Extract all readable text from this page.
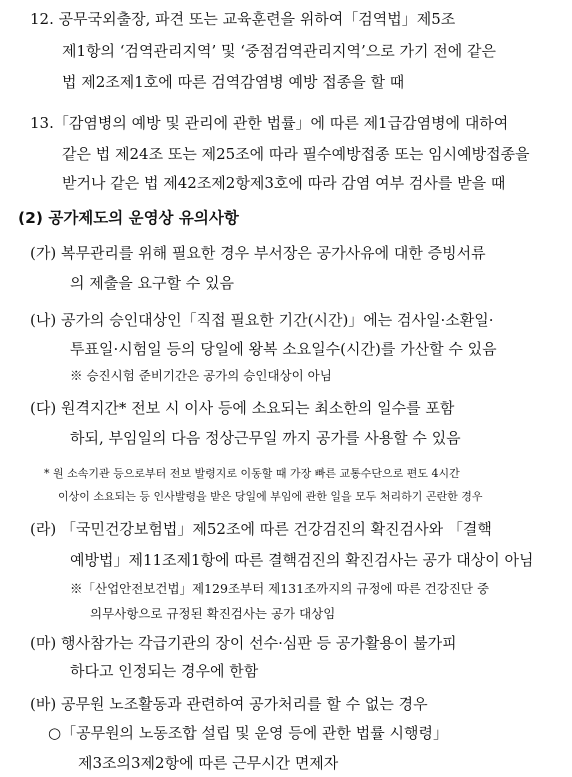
12. 공무국외출장, 파견 또는 교육훈련을 위하여「검역법」제5조
제1항의 ‘검역관리지역’ 및 ‘중점검역관리지역’으로 가기 전에 같은
법 제2조제1호에 따른 검역감염병 예방 접종을 할 때
13.「감염병의 예방 및 관리에 관한 법률」에 따른 제1급감염병에 대하여
같은 법 제24조 또는 제25조에 따라 필수예방접종 또는 임시예방접종을
받거나 같은 법 제42조제2항제3호에 따라 감염 여부 검사를 받을 때
(2) 공가제도의 운영상 유의사항
(가) 복무관리를 위해 필요한 경우 부서장은 공가사유에 대한 증빙서류
의 제출을 요구할 수 있음
(나) 공가의 승인대상인「직접 필요한 기간(시간)」에는 검사일·소환일·
투표일·시험일 등의 당일에 왕복 소요일수(시간)를 가산할 수 있음
※ 승진시험 준비기간은 공가의 승인대상이 아님
(다) 원격지간* 전보 시 이사 등에 소요되는 최소한의 일수를 포함
하되, 부임일의 다음 정상근무일 까지 공가를 사용할 수 있음
* 원 소속기관 등으로부터 전보 발령지로 이동할 때 가장 빠른 교통수단으로 편도 4시간
이상이 소요되는 등 인사발령을 받은 당일에 부임에 관한 일을 모두 처리하기 곤란한 경우
(라) 「국민건강보험법」제52조에 따른 건강검진의 확진검사와 「결핵
예방법」제11조제1항에 따른 결핵검진의 확진검사는 공가 대상이 아님
※「산업안전보건법」제129조부터 제131조까지의 규정에 따른 건강진단 중
의무사항으로 규정된 확진검사는 공가 대상임
(마) 행사참가는 각급기관의 장이 선수·심판 등 공가활용이 불가피
하다고 인정되는 경우에 한함
(바) 공무원 노조활동과 관련하여 공가처리를 할 수 없는 경우
○「공무원의 노동조합 설립 및 운영 등에 관한 법률 시행령」
제3조의3제2항에 따른 근무시간 면제자
